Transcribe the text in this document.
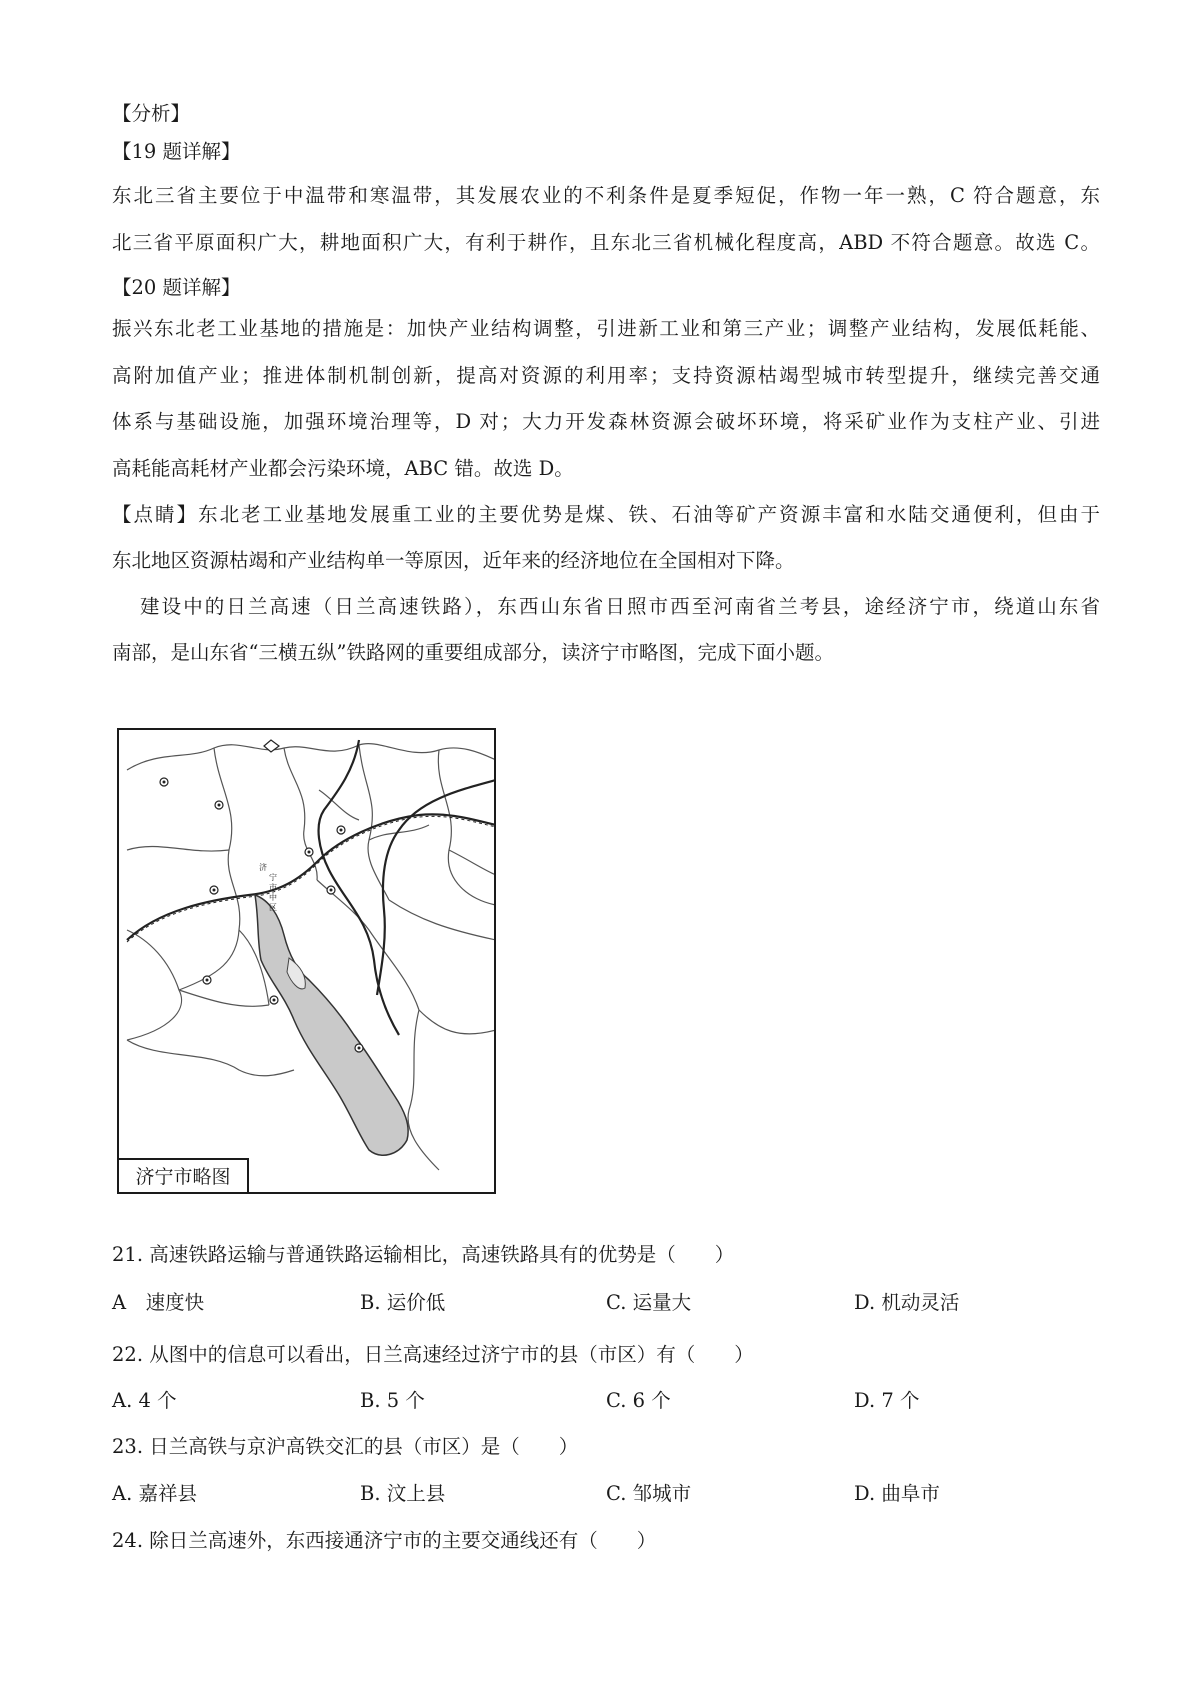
【分析】
【19 题详解】
东北三省主要位于中温带和寒温带，其发展农业的不利条件是夏季短促，作物一年一熟，C 符合题意，东
北三省平原面积广大，耕地面积广大，有利于耕作，且东北三省机械化程度高，ABD 不符合题意。故选 C。
【20 题详解】
振兴东北老工业基地的措施是：加快产业结构调整，引进新工业和第三产业；调整产业结构，发展低耗能、
高附加值产业；推进体制机制创新，提高对资源的利用率；支持资源枯竭型城市转型提升，继续完善交通
体系与基础设施，加强环境治理等，D 对；大力开发森林资源会破坏环境，将采矿业作为支柱产业、引进
高耗能高耗材产业都会污染环境，ABC 错。故选 D。
【点睛】东北老工业基地发展重工业的主要优势是煤、铁、石油等矿产资源丰富和水陆交通便利，但由于
东北地区资源枯竭和产业结构单一等原因，近年来的经济地位在全国相对下降。
建设中的日兰高速（日兰高速铁路），东西山东省日照市西至河南省兰考县，途经济宁市，绕道山东省
南部，是山东省“三横五纵”铁路网的重要组成部分，读济宁市略图，完成下面小题。
济
宁
市
中
区
济宁市略图
21. 高速铁路运输与普通铁路运输相比，高速铁路具有的优势是（　　）
A　速度快	B. 运价低	C. 运量大	D. 机动灵活
22. 从图中的信息可以看出，日兰高速经过济宁市的县（市区）有（　　）
A. 4 个	B. 5 个	C. 6 个	D. 7 个
23. 日兰高铁与京沪高铁交汇的县（市区）是（　　）
A. 嘉祥县	B. 汶上县	C. 邹城市	D. 曲阜市
24. 除日兰高速外，东西接通济宁市的主要交通线还有（　　）
